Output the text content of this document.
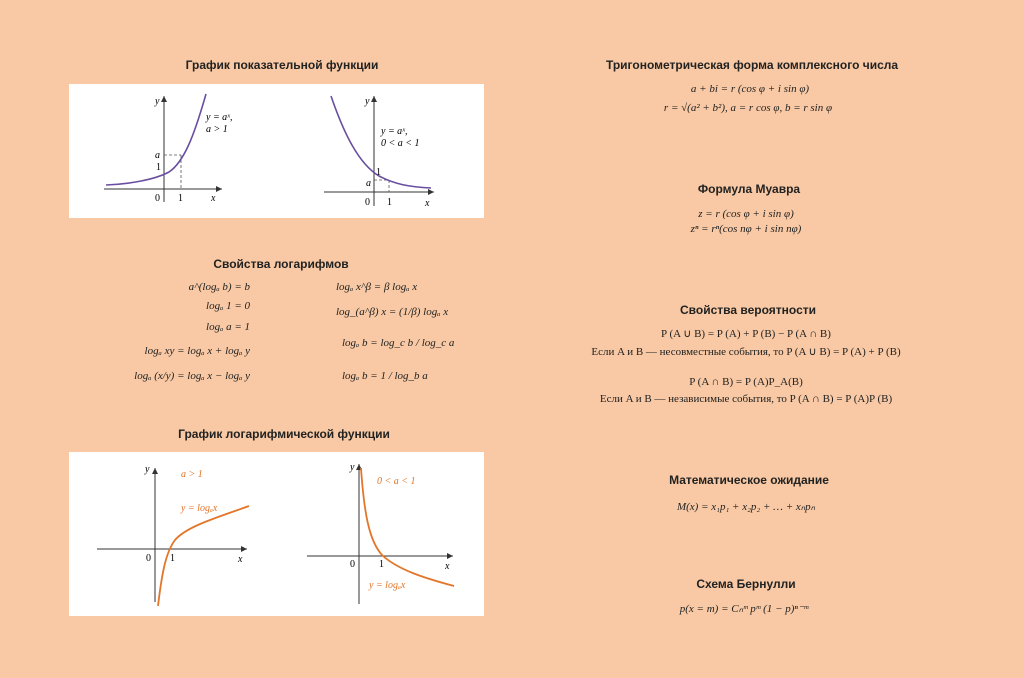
График показательной функции
y
x
0 1
1
a
y = aˣ,
a > 1
y
x
0 1
1
a
y = aˣ,
0 < a < 1
Свойства логарифмов
a^(logₐ b) = b
logₐ 1 = 0
logₐ a = 1
logₐ xy = logₐ x + logₐ y
logₐ (x/y) = logₐ x − logₐ y
logₐ x^β = β logₐ x
log_(a^β) x = (1/β) logₐ x
logₐ b = log_c b / log_c a
logₐ b = 1 / log_b a
График логарифмической функции
y
x
0 1
a > 1
y = logₐx
y
x
0 1
0 < a < 1
y = logₐx
Тригонометрическая форма комплексного числа
a + bi = r (cos φ + i sin φ)
r = √(a² + b²), a = r cos φ, b = r sin φ
Формула Муавра
z = r (cos φ + i sin φ)
zⁿ = rⁿ(cos nφ + i sin nφ)
Свойства вероятности
P (A ∪ B) = P (A) + P (B) − P (A ∩ B)
Если A и B — несовместные события, то P (A ∪ B) = P (A) + P (B)
P (A ∩ B) = P (A)P_A(B)
Если A и B — независимые события, то P (A ∩ B) = P (A)P (B)
Математическое ожидание
M(x) = x₁p₁ + x₂p₂ + … + xₙpₙ
Схема Бернулли
p(x = m) = Cₙᵐ pᵐ (1 − p)ⁿ⁻ᵐ
